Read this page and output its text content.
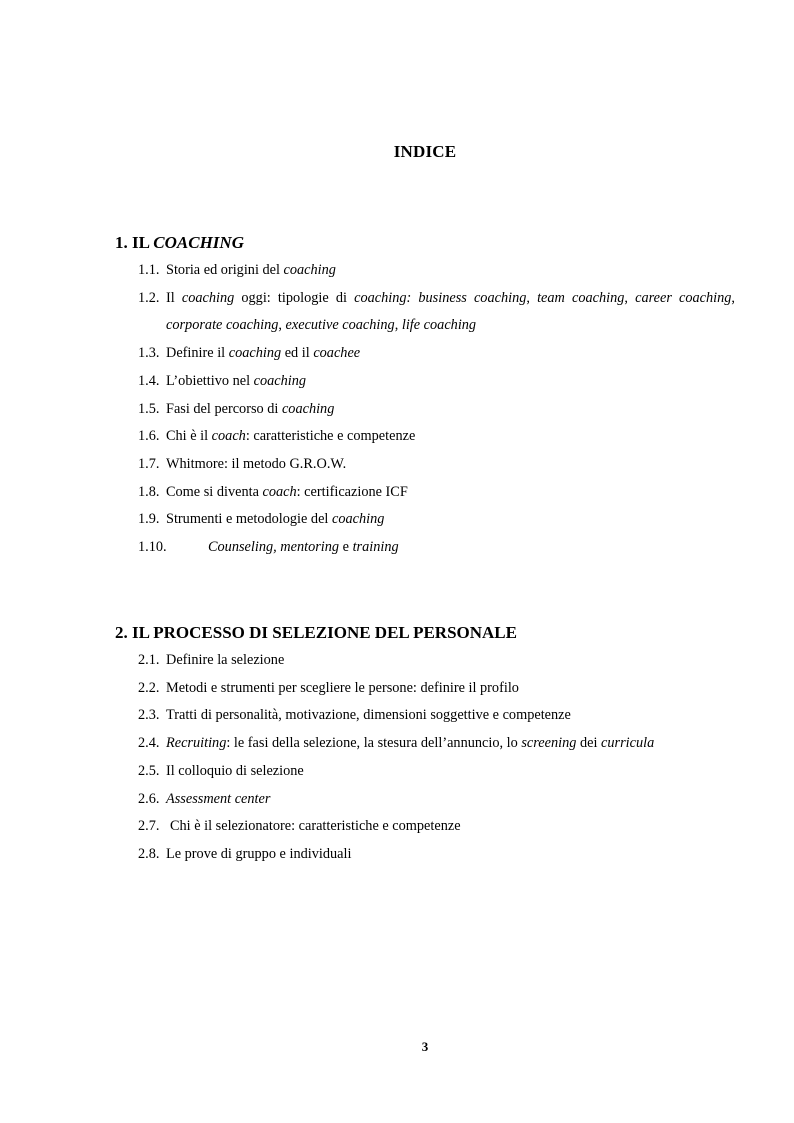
INDICE
1. IL COACHING
1.1. Storia ed origini del coaching
1.2. Il coaching oggi: tipologie di coaching: business coaching, team coaching, career coaching, corporate coaching, executive coaching, life coaching
1.3. Definire il coaching ed il coachee
1.4. L’obiettivo nel coaching
1.5. Fasi del percorso di coaching
1.6. Chi è il coach: caratteristiche e competenze
1.7. Whitmore: il metodo G.R.O.W.
1.8. Come si diventa coach: certificazione ICF
1.9. Strumenti e metodologie del coaching
1.10.	Counseling, mentoring e training
2. IL PROCESSO DI SELEZIONE DEL PERSONALE
2.1. Definire la selezione
2.2. Metodi e strumenti per scegliere le persone: definire il profilo
2.3. Tratti di personalità, motivazione, dimensioni soggettive e competenze
2.4. Recruiting: le fasi della selezione, la stesura dell’annuncio, lo screening dei curricula
2.5. Il colloquio di selezione
2.6. Assessment center
2.7. Chi è il selezionatore: caratteristiche e competenze
2.8. Le prove di gruppo e individuali
3
